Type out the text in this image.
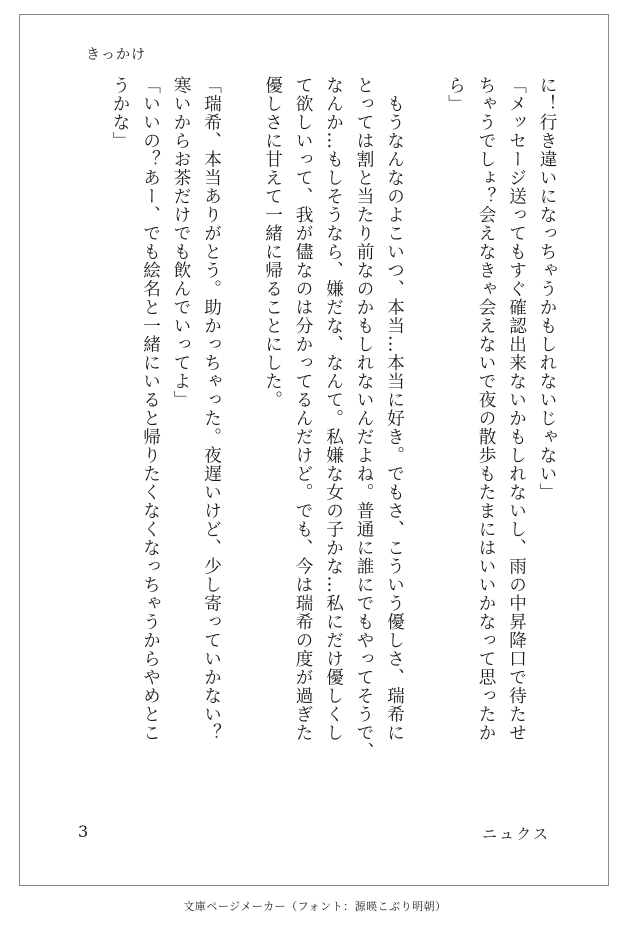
きっかけ
に！行き違いになっちゃうかもしれないじゃない」
「メッセージ送ってもすぐ確認出来ないかもしれないし、雨の中昇降口で待たせ
ちゃうでしょ？会えなきゃ会えないで夜の散歩もたまにはいいかなって思ったか
ら」
　もうなんなのよこいつ、本当…本当に好き。でもさ、こういう優しさ、瑞希に
とっては割と当たり前なのかもしれないんだよね。普通に誰にでもやってそうで、
なんか…もしそうなら、嫌だな、なんて。私嫌な女の子かな…私にだけ優しくし
て欲しいって、我が儘なのは分かってるんだけど。でも、今は瑞希の度が過ぎた
優しさに甘えて一緒に帰ることにした。
「瑞希、本当ありがとう。助かっちゃった。夜遅いけど、少し寄っていかない？
寒いからお茶だけでも飲んでいってよ」
「いいの？あー、でも絵名と一緒にいると帰りたくなくなっちゃうからやめとこ
うかな」
3	ニュクス
文庫ページメーカー（フォント：源暎こぶり明朝）
